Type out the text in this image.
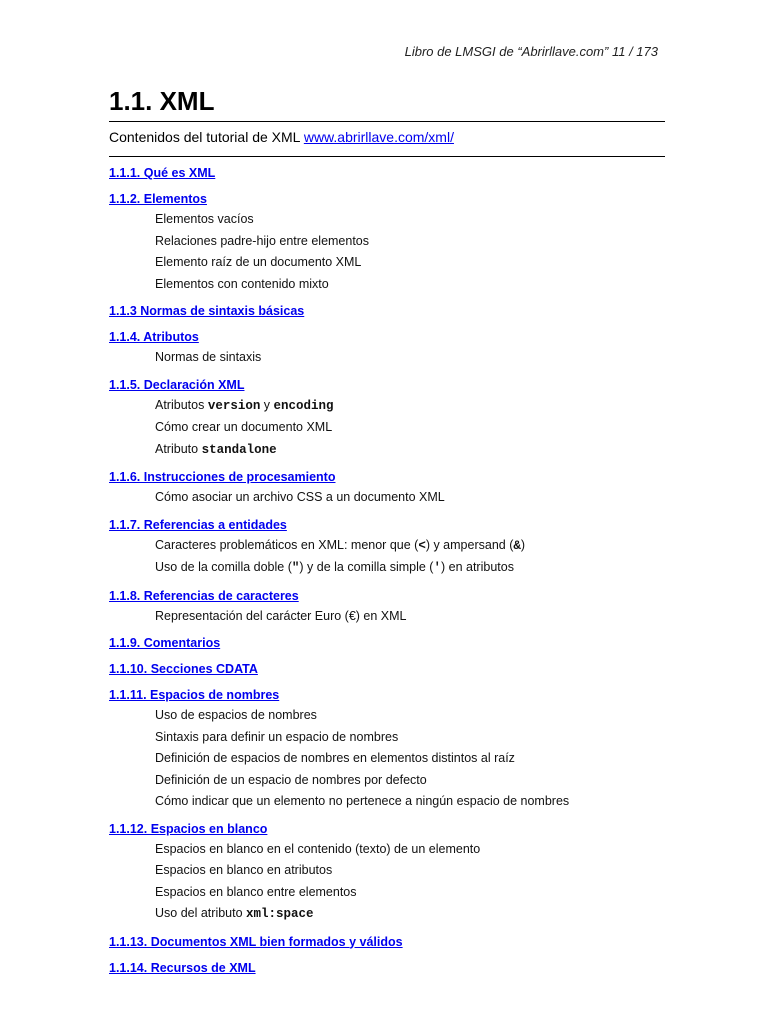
Libro de LMSGI de “Abrirllave.com” 11 / 173
1.1. XML
Contenidos del tutorial de XML www.abrirllave.com/xml/
1.1.1. Qué es XML
1.1.2. Elementos
Elementos vacíos
Relaciones padre-hijo entre elementos
Elemento raíz de un documento XML
Elementos con contenido mixto
1.1.3 Normas de sintaxis básicas
1.1.4. Atributos
Normas de sintaxis
1.1.5. Declaración XML
Atributos version y encoding
Cómo crear un documento XML
Atributo standalone
1.1.6. Instrucciones de procesamiento
Cómo asociar un archivo CSS a un documento XML
1.1.7. Referencias a entidades
Caracteres problemáticos en XML: menor que (<) y ampersand (&)
Uso de la comilla doble (") y de la comilla simple (') en atributos
1.1.8. Referencias de caracteres
Representación del carácter Euro (€) en XML
1.1.9. Comentarios
1.1.10. Secciones CDATA
1.1.11. Espacios de nombres
Uso de espacios de nombres
Sintaxis para definir un espacio de nombres
Definición de espacios de nombres en elementos distintos al raíz
Definición de un espacio de nombres por defecto
Cómo indicar que un elemento no pertenece a ningún espacio de nombres
1.1.12. Espacios en blanco
Espacios en blanco en el contenido (texto) de un elemento
Espacios en blanco en atributos
Espacios en blanco entre elementos
Uso del atributo xml:space
1.1.13. Documentos XML bien formados y válidos
1.1.14. Recursos de XML
